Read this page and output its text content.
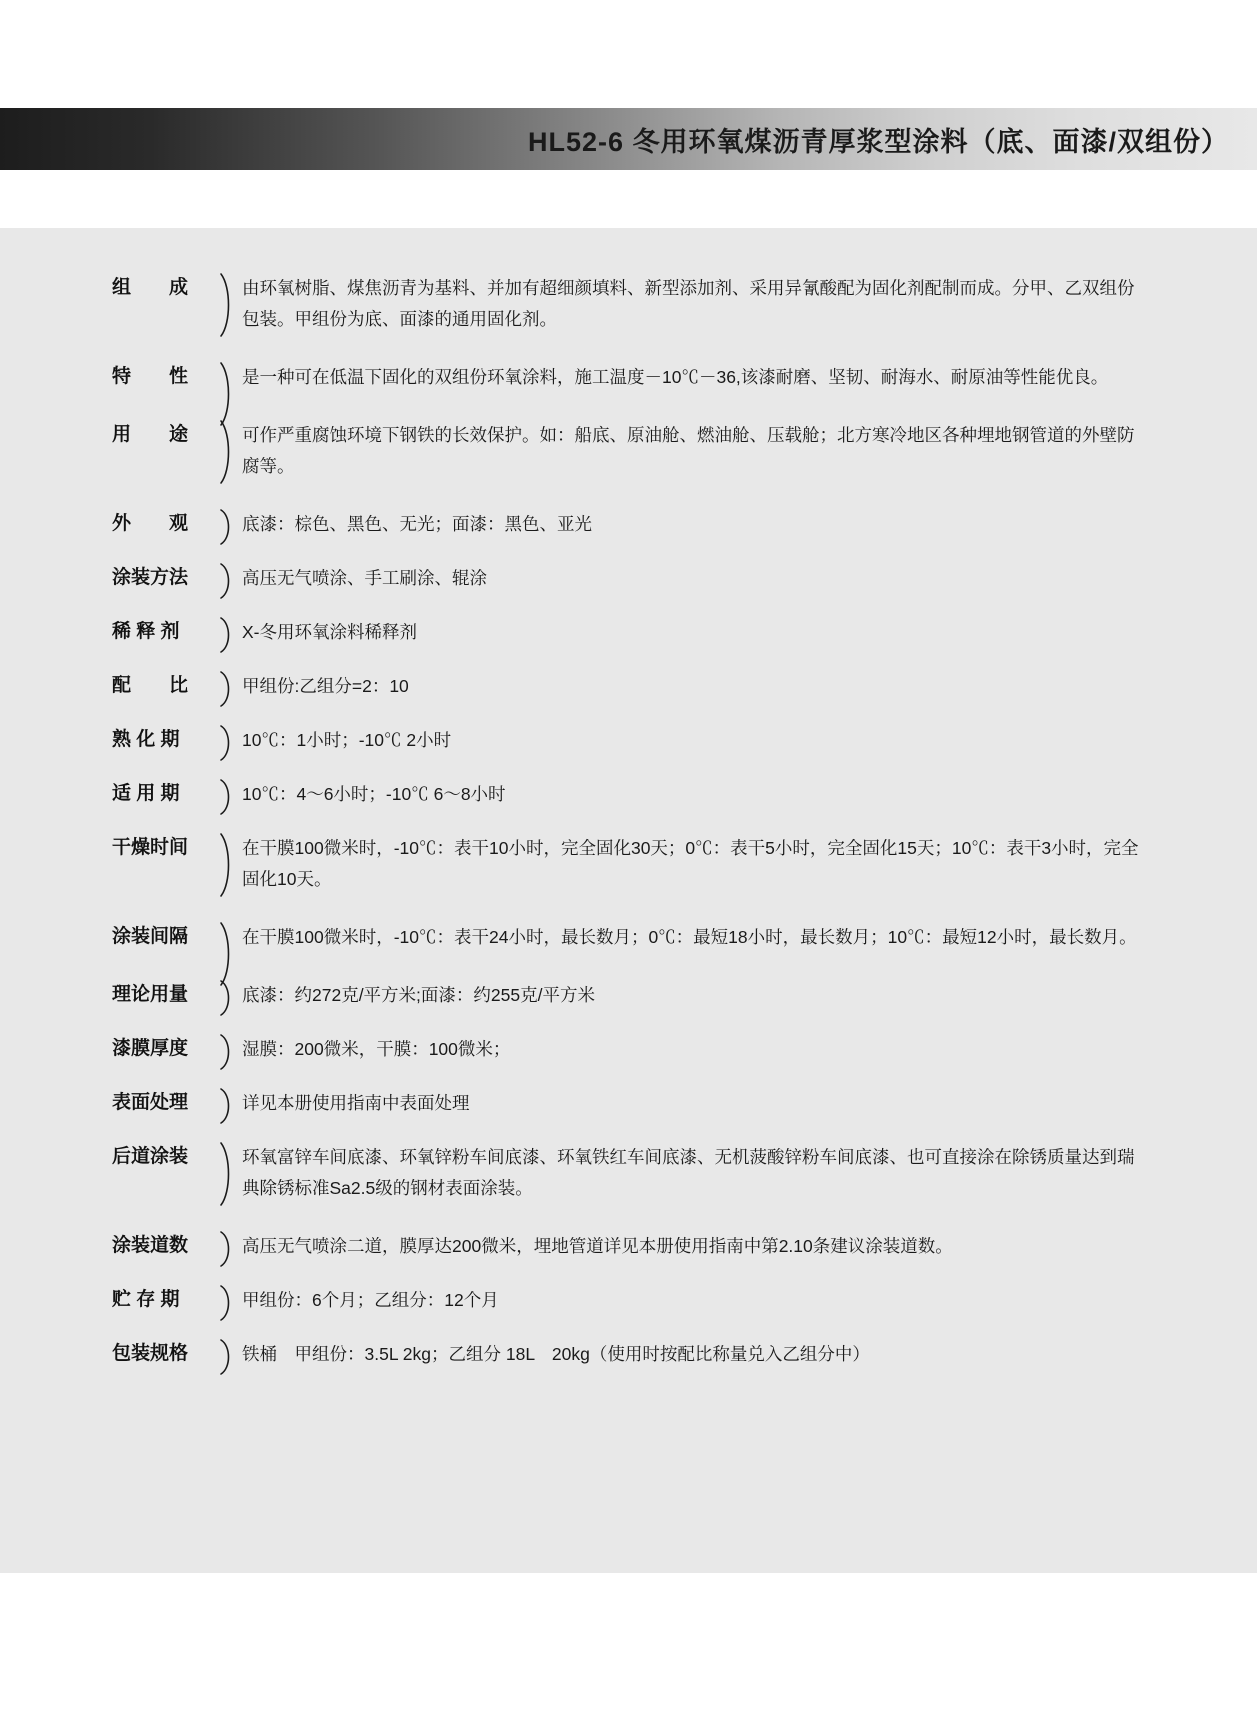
HL52-6 冬用环氧煤沥青厚浆型涂料（底、面漆/双组份）
组　　成	由环氧树脂、煤焦沥青为基料、并加有超细颜填料、新型添加剂、采用异氰酸配为固化剂配制而成。分甲、乙双组份包装。甲组份为底、面漆的通用固化剂。
特　　性	是一种可在低温下固化的双组份环氧涂料，施工温度－10℃－36,该漆耐磨、坚韧、耐海水、耐原油等性能优良。
用　　途	可作严重腐蚀环境下钢铁的长效保护。如：船底、原油舱、燃油舱、压载舱；北方寒冷地区各种埋地钢管道的外壁防腐等。
外　　观	底漆：棕色、黑色、无光；面漆：黑色、亚光
涂装方法	高压无气喷涂、手工刷涂、辊涂
稀 释 剂	X-冬用环氧涂料稀释剂
配　　比	甲组份:乙组分=2：10
熟 化 期	10℃：1小时；-10℃ 2小时
适 用 期	10℃：4～6小时；-10℃ 6～8小时
干燥时间	在干膜100微米时，-10℃：表干10小时，完全固化30天；0℃：表干5小时，完全固化15天；10℃：表干3小时，完全固化10天。
涂装间隔	在干膜100微米时，-10℃：表干24小时，最长数月；0℃：最短18小时，最长数月；10℃：最短12小时，最长数月。
理论用量	底漆：约272克/平方米;面漆：约255克/平方米
漆膜厚度	湿膜：200微米，干膜：100微米；
表面处理	详见本册使用指南中表面处理
后道涂装	环氧富锌车间底漆、环氧锌粉车间底漆、环氧铁红车间底漆、无机菠酸锌粉车间底漆、也可直接涂在除锈质量达到瑞典除锈标准Sa2.5级的钢材表面涂装。
涂装道数	高压无气喷涂二道，膜厚达200微米，埋地管道详见本册使用指南中第2.10条建议涂装道数。
贮 存 期	甲组份：6个月；乙组分：12个月
包装规格	铁桶　甲组份：3.5L 2kg；乙组分 18L　20kg（使用时按配比称量兑入乙组分中）
